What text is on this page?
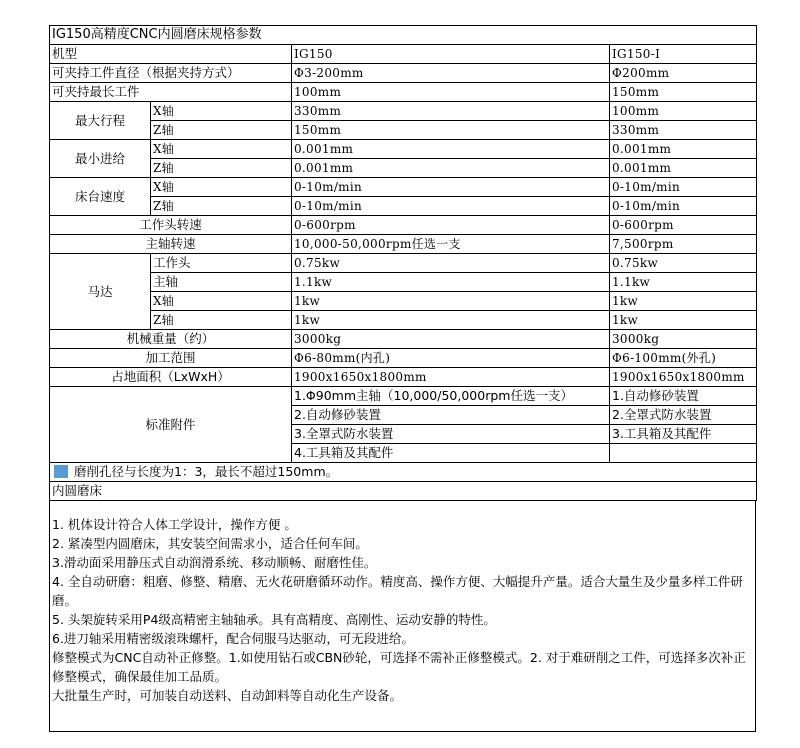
IG150高精度CNC内圆磨床规格参数			
机型		IG150	IG150-I
可夹持工件直径（根据夹持方式）		Φ3-200mm	Φ200mm
可夹持最长工件		100mm	150mm
最大行程	X轴	330mm	100mm
	Z轴	150mm	330mm
最小进给	X轴	0.001mm	0.001mm
	Z轴	0.001mm	0.001mm
床台速度	X轴	0-10m/min	0-10m/min
	Z轴	0-10m/min	0-10m/min
工作头转速		0-600rpm	0-600rpm
主轴转速		10,000-50,000rpm任选一支	7,500rpm
马达	工作头	0.75kw	0.75kw
	主轴	1.1kw	1.1kw
	X轴	1kw	1kw
	Z轴	1kw	1kw
机械重量（约）		3000kg	3000kg
加工范围		Φ6-80mm(内孔)	Φ6-100mm(外孔)
占地面积（LxWxH）		1900x1650x1800mm	1900x1650x1800mm
标准附件		1.Φ90mm主轴（10,000/50,000rpm任选一支）	1.自动修砂装置
		2.自动修砂装置	2.全罩式防水装置
		3.全罩式防水装置	3.工具箱及其配件
		4.工具箱及其配件	
磨削孔径与长度为1：3，最长不超过150mm。			
内圆磨床			
1. 机体设计符合人体工学设计，操作方便 。
2. 紧凑型内圆磨床，其安装空间需求小，适合任何车间。
3.滑动面采用静压式自动润滑系统、移动顺畅、耐磨性佳。
4. 全自动研磨：粗磨、修整、精磨、无火花研磨循环动作。精度高、操作方便、大幅提升产量。适合大量生及少量多样工件研磨。
5. 头架旋转采用P4级高精密主轴轴承。具有高精度、高刚性、运动安静的特性。
6.进刀轴采用精密级滚珠螺杆，配合伺服马达驱动，可无段进给。
修整模式为CNC自动补正修整。1.如使用钻石或CBN砂轮，可选择不需补正修整模式。2. 对于难研削之工件，可选择多次补正修整模式，确保最佳加工品质。
大批量生产时，可加装自动送料、自动卸料等自动化生产设备。
